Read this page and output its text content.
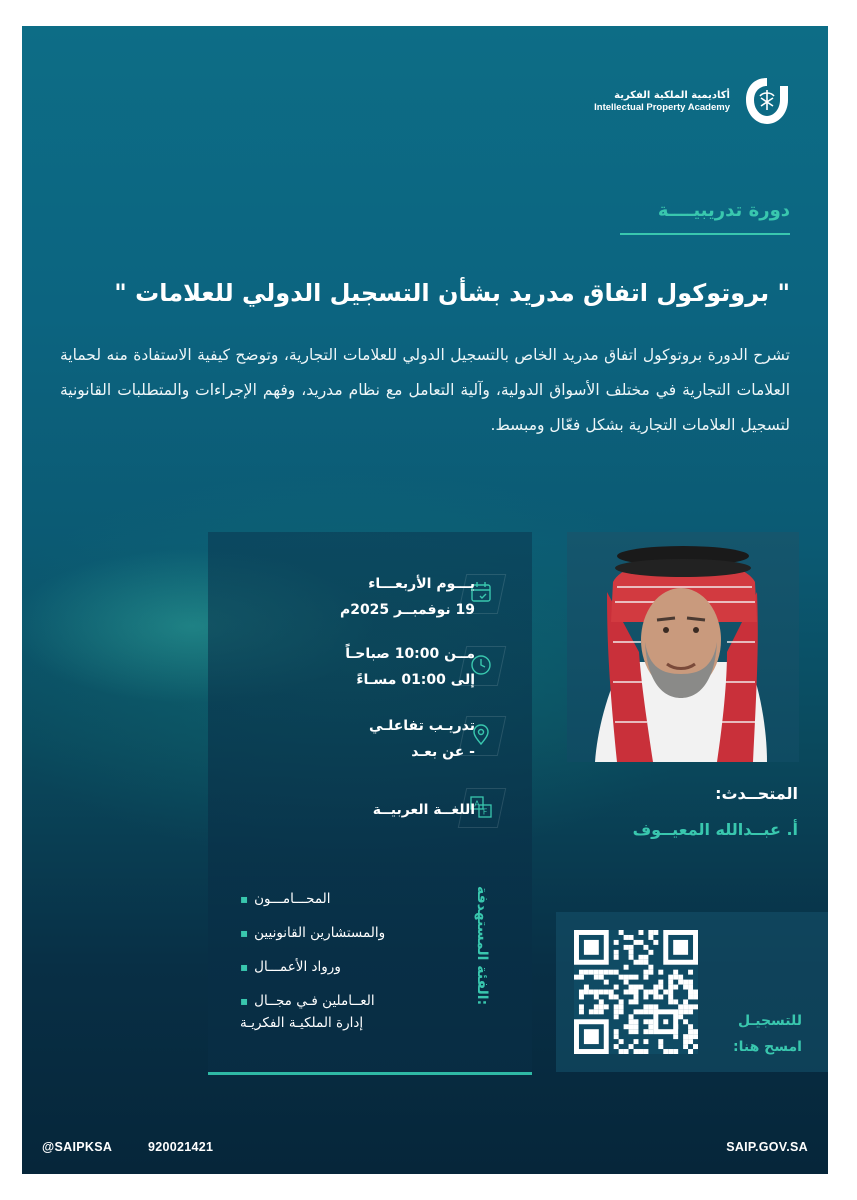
أكاديمية الملكية الفكرية
Intellectual Property Academy
دورة تدريبيــــة
" بروتوكول اتفاق مدريد بشأن التسجيل الدولي للعلامات "
تشرح الدورة بروتوكول اتفاق مدريد الخاص بالتسجيل الدولي للعلامات التجارية، وتوضح كيفية الاستفادة منه لحماية العلامات التجارية في مختلف الأسواق الدولية، وآلية التعامل مع نظام مدريد، وفهم الإجراءات والمتطلبات القانونية لتسجيل العلامات التجارية بشكل فعّال ومبسط.
يـــوم الأربعـــاء
19 نوفمبــر 2025م
مــن 10:00 صباحـاً
إلى 01:00 مسـاءً
تدريـب تفاعلـي
- عن بعـد
A
F
اللغــة العربيــة
الفئة المستهدفة:
▪ المحـــامـــون
▪ والمستشارين القانونيين
▪ ورواد الأعمـــال
▪ العــاملين فـي مجــال
إدارة الملكيـة الفكريـة
المتحــدث:
أ. عبــدالله المعيــوف
للتسجيـل
امسح هنا:
@SAIPKSA	920021421	SAIP.GOV.SA
